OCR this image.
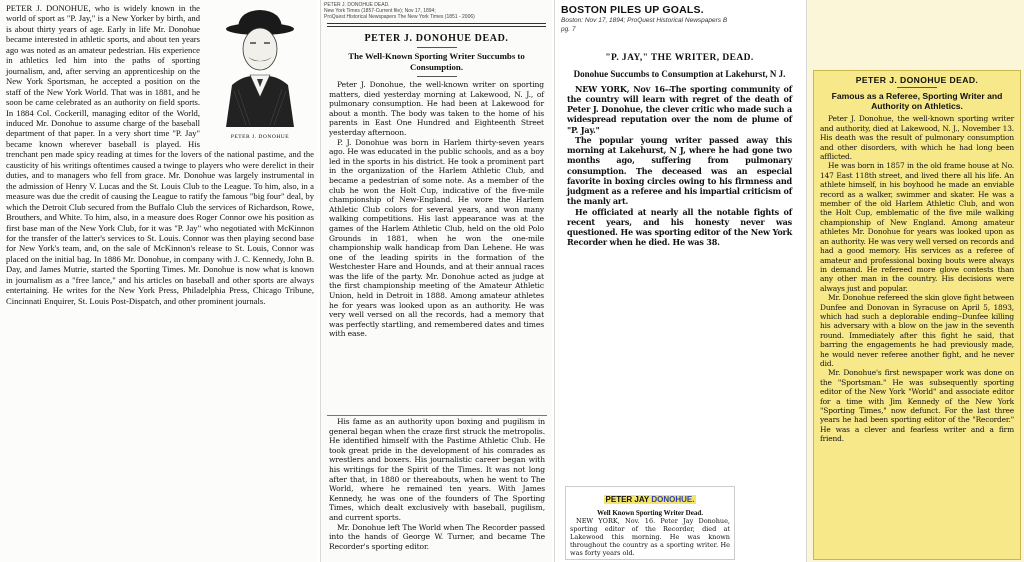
PETER J. DONOHUE

PETER J. DONOHUE, who is widely known in the world of sport as "P. Jay," is a New Yorker by birth, and is about thirty years of age. Early in life Mr. Donohue became interested in athletic sports, and about ten years ago was noted as an amateur pedestrian. His experience in athletics led him into the paths of sporting journalism, and, after serving an apprenticeship on the New York Sportsman, he accepted a position on the staff of the New York World. That was in 1881, and he soon be came celebrated as an authority on field sports. In 1884 Col. Cockerill, managing editor of the World, induced Mr. Donohue to assume charge of the baseball department of that paper. In a very short time "P. Jay" became known wherever baseball is played. His trenchant pen made spicy reading at times for the lovers of the national pastime, and the causticity of his writings oftentimes caused a twinge to players who were derelict in their duties, and to managers who fell from grace. Mr. Donohue was largely instrumental in the admission of Henry V. Lucas and the St. Louis Club to the League. To him, also, in a measure was due the credit of causing the League to ratify the famous "big four" deal, by which the Detroit Club secured from the Buffalo Club the services of Richardson, Rowe, Brouthers, and White. To him, also, in a measure does Roger Connor owe his position as first base man of the New York Club, for it was "P. Jay" who negotiated with McKinnon for the transfer of the latter's services to St. Louis. Connor was then playing second base for New York's team, and, on the sale of McKinnon's release to St. Louis, Connor was placed on the initial bag. In 1886 Mr. Donohue, in company with J. C. Kennedy, John B. Day, and James Mutrie, started the Sporting Times. Mr. Donohue is now what is known in journalism as a "free lance," and his articles on baseball and other sports are always entertaining. He writes for the New York Press, Philadelphia Press, Chicago Tribune, Cincinnati Enquirer, St. Louis Post-Dispatch, and other prominent journals.

PETER J. DONOHUE DEAD.
New York Times (1857-Current file); Nov 17, 1894;
ProQuest Historical Newspapers The New York Times (1851 - 2006)
PETER J. DONOHUE DEAD.
The Well-Known Sporting Writer Succumbs to Consumption.

Peter J. Donohue, the well-known writer on sporting matters, died yesterday morning at Lakewood, N. J., of pulmonary consumption. He had been at Lakewood for about a month. The body was taken to the home of his parents in East One Hundred and Eighteenth Street yesterday afternoon.

P. J. Donohue was born in Harlem thirty-seven years ago. He was educated in the public schools, and as a boy led in the sports in his district. He took a prominent part in the organization of the Harlem Athletic Club, and became a pedestrian of some note. As a member of the club he won the Holt Cup, indicative of the five-mile championship of New-England. He wore the Harlem Athletic Club colors for several years, and won many walking competitions. His last appearance was at the games of the Harlem Athletic Club, held on the old Polo Grounds in 1881, when he won the one-mile championship walk handicap from Dan Lehene. He was one of the leading spirits in the formation of the Westchester Hare and Hounds, and at their annual races was the life of the party. Mr. Donohue acted as judge at the first championship meeting of the Amateur Athletic Union, held in Detroit in 1888. Among amateur athletes he for years was looked upon as an authority. He was very well versed on all the records, had a memory that was perfectly startling, and remembered dates and times with ease.

His fame as an authority upon boxing and pugilism in general began when the craze first struck the metropolis. He identified himself with the Pastime Athletic Club. He took great pride in the development of his comrades as wrestlers and boxers. His journalistic career began with his writings for the Spirit of the Times. It was not long after that, in 1880 or thereabouts, when he went to The World, where he remained ten years. With James Kennedy, he was one of the founders of The Sporting Times, which dealt exclusively with baseball, pugilism, and current sports.

Mr. Donohue left The World when The Recorder passed into the hands of George W. Turner, and became The Recorder's sporting editor.

BOSTON PILES UP GOALS.
Boston: Nov 17, 1894; ProQuest Historical Newspapers B
pg. 7
"P. JAY," THE WRITER, DEAD.
Donohue Succumbs to Consumption at Lakehurst, N J.

NEW YORK, Nov 16--The sporting community of the country will learn with regret of the death of Peter J. Donohue, the clever critic who made such a widespread reputation over the nom de plume of "P. Jay."

The popular young writer passed away this morning at Lakehurst, N J, where he had gone two months ago, suffering from pulmonary consumption. The deceased was an especial favorite in boxing circles owing to his firmness and judgment as a referee and his impartial criticism of the manly art.

He officiated at nearly all the notable fights of recent years, and his honesty never was questioned. He was sporting editor of the New York Recorder when he died. He was 38.

PETER JAY DONOHUE.
Well Known Sporting Writer Dead.

NEW YORK, Nov. 16. Peter Jay Donohue, sporting editor of the Recorder, died at Lakewood this morning. He was known throughout the country as a sporting writer. He was forty years old.

PETER J. DONOHUE DEAD.
Famous as a Referee, Sporting Writer and Authority on Athletics.

Peter J. Donohue, the well-known sporting writer and authority, died at Lakewood, N. J., November 13. His death was the result of pulmonary consumption and other disorders, with which he had long been afflicted.

He was born in 1857 in the old frame house at No. 147 East 118th street, and lived there all his life. An athlete himself, in his boyhood he made an enviable record as a walker, swimmer and skater. He was a member of the old Harlem Athletic Club, and won the Holt Cup, emblematic of the five mile walking championship of New England. Among amateur athletes Mr. Donohue for years was looked upon as an authority. He was very well versed on records and had a good memory. His services as a referee of amateur and professional boxing bouts were always in demand. He refereed more glove contests than any other man in the country. His decisions were always just and popular.

Mr. Donohue refereed the skin glove fight between Dunfee and Donovan in Syracuse on April 5, 1893, which had such a deplorable ending--Dunfee killing his adversary with a blow on the jaw in the seventh round. Immediately after this fight he said, that barring the engagements he had previously made, he would never referee another fight, and he never did.

Mr. Donohue's first newspaper work was done on the "Sportsman." He was subsequently sporting editor of the New York "World" and associate editor for a time with Jim Kennedy of the New York "Sporting Times," now defunct. For the last three years he had been sporting editor of the "Recorder." He was a clever and fearless writer and a firm friend.
